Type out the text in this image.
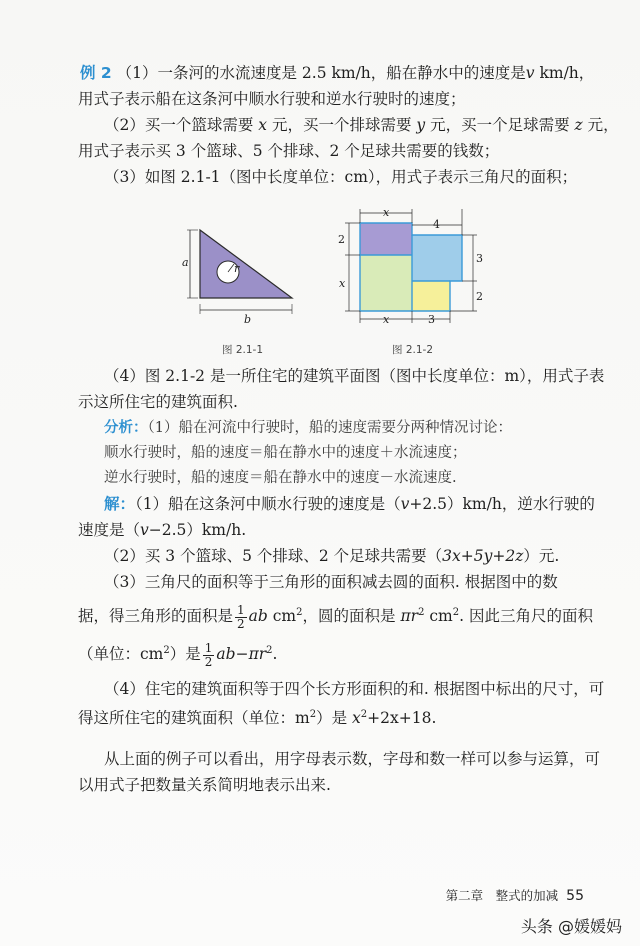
例 2 （1）一条河的水流速度是 2.5 km/h，船在静水中的速度是v km/h，
用式子表示船在这条河中顺水行驶和逆水行驶时的速度；
（2）买一个篮球需要 x 元，买一个排球需要 y 元，买一个足球需要 z 元，
用式子表示买 3 个篮球、5 个排球、2 个足球共需要的钱数；
（3）如图 2.1-1（图中长度单位：cm），用式子表示三角尺的面积；
r
a
b
图 2.1-1
x
4
2
x
3
2
x	3
图 2.1-2
（4）图 2.1-2 是一所住宅的建筑平面图（图中长度单位：m），用式子表
示这所住宅的建筑面积.
分析：（1）船在河流中行驶时，船的速度需要分两种情况讨论：
顺水行驶时，船的速度＝船在静水中的速度＋水流速度；
逆水行驶时，船的速度＝船在静水中的速度－水流速度.
解：（1）船在这条河中顺水行驶的速度是（v+2.5）km/h，逆水行驶的
速度是（v−2.5）km/h.
（2）买 3 个篮球、5 个排球、2 个足球共需要（3x+5y+2z）元.
（3）三角尺的面积等于三角形的面积减去圆的面积. 根据图中的数
据，得三角形的面积是 $\frac{1}{2}$ ab $cm^2$，圆的面积是 $\pi r^2$ $cm^2$. 因此三角尺的面积
（单位：$cm^2$）是 $\frac{1}{2} ab-\pi r^2$.
（4）住宅的建筑面积等于四个长方形面积的和. 根据图中标出的尺寸，可
得这所住宅的建筑面积（单位：$m^2$）是 $x^2+2x+18$.
从上面的例子可以看出，用字母表示数，字母和数一样可以参与运算，可
以用式子把数量关系简明地表示出来.
第二章　整式的加减 55
头条 @媛媛妈
